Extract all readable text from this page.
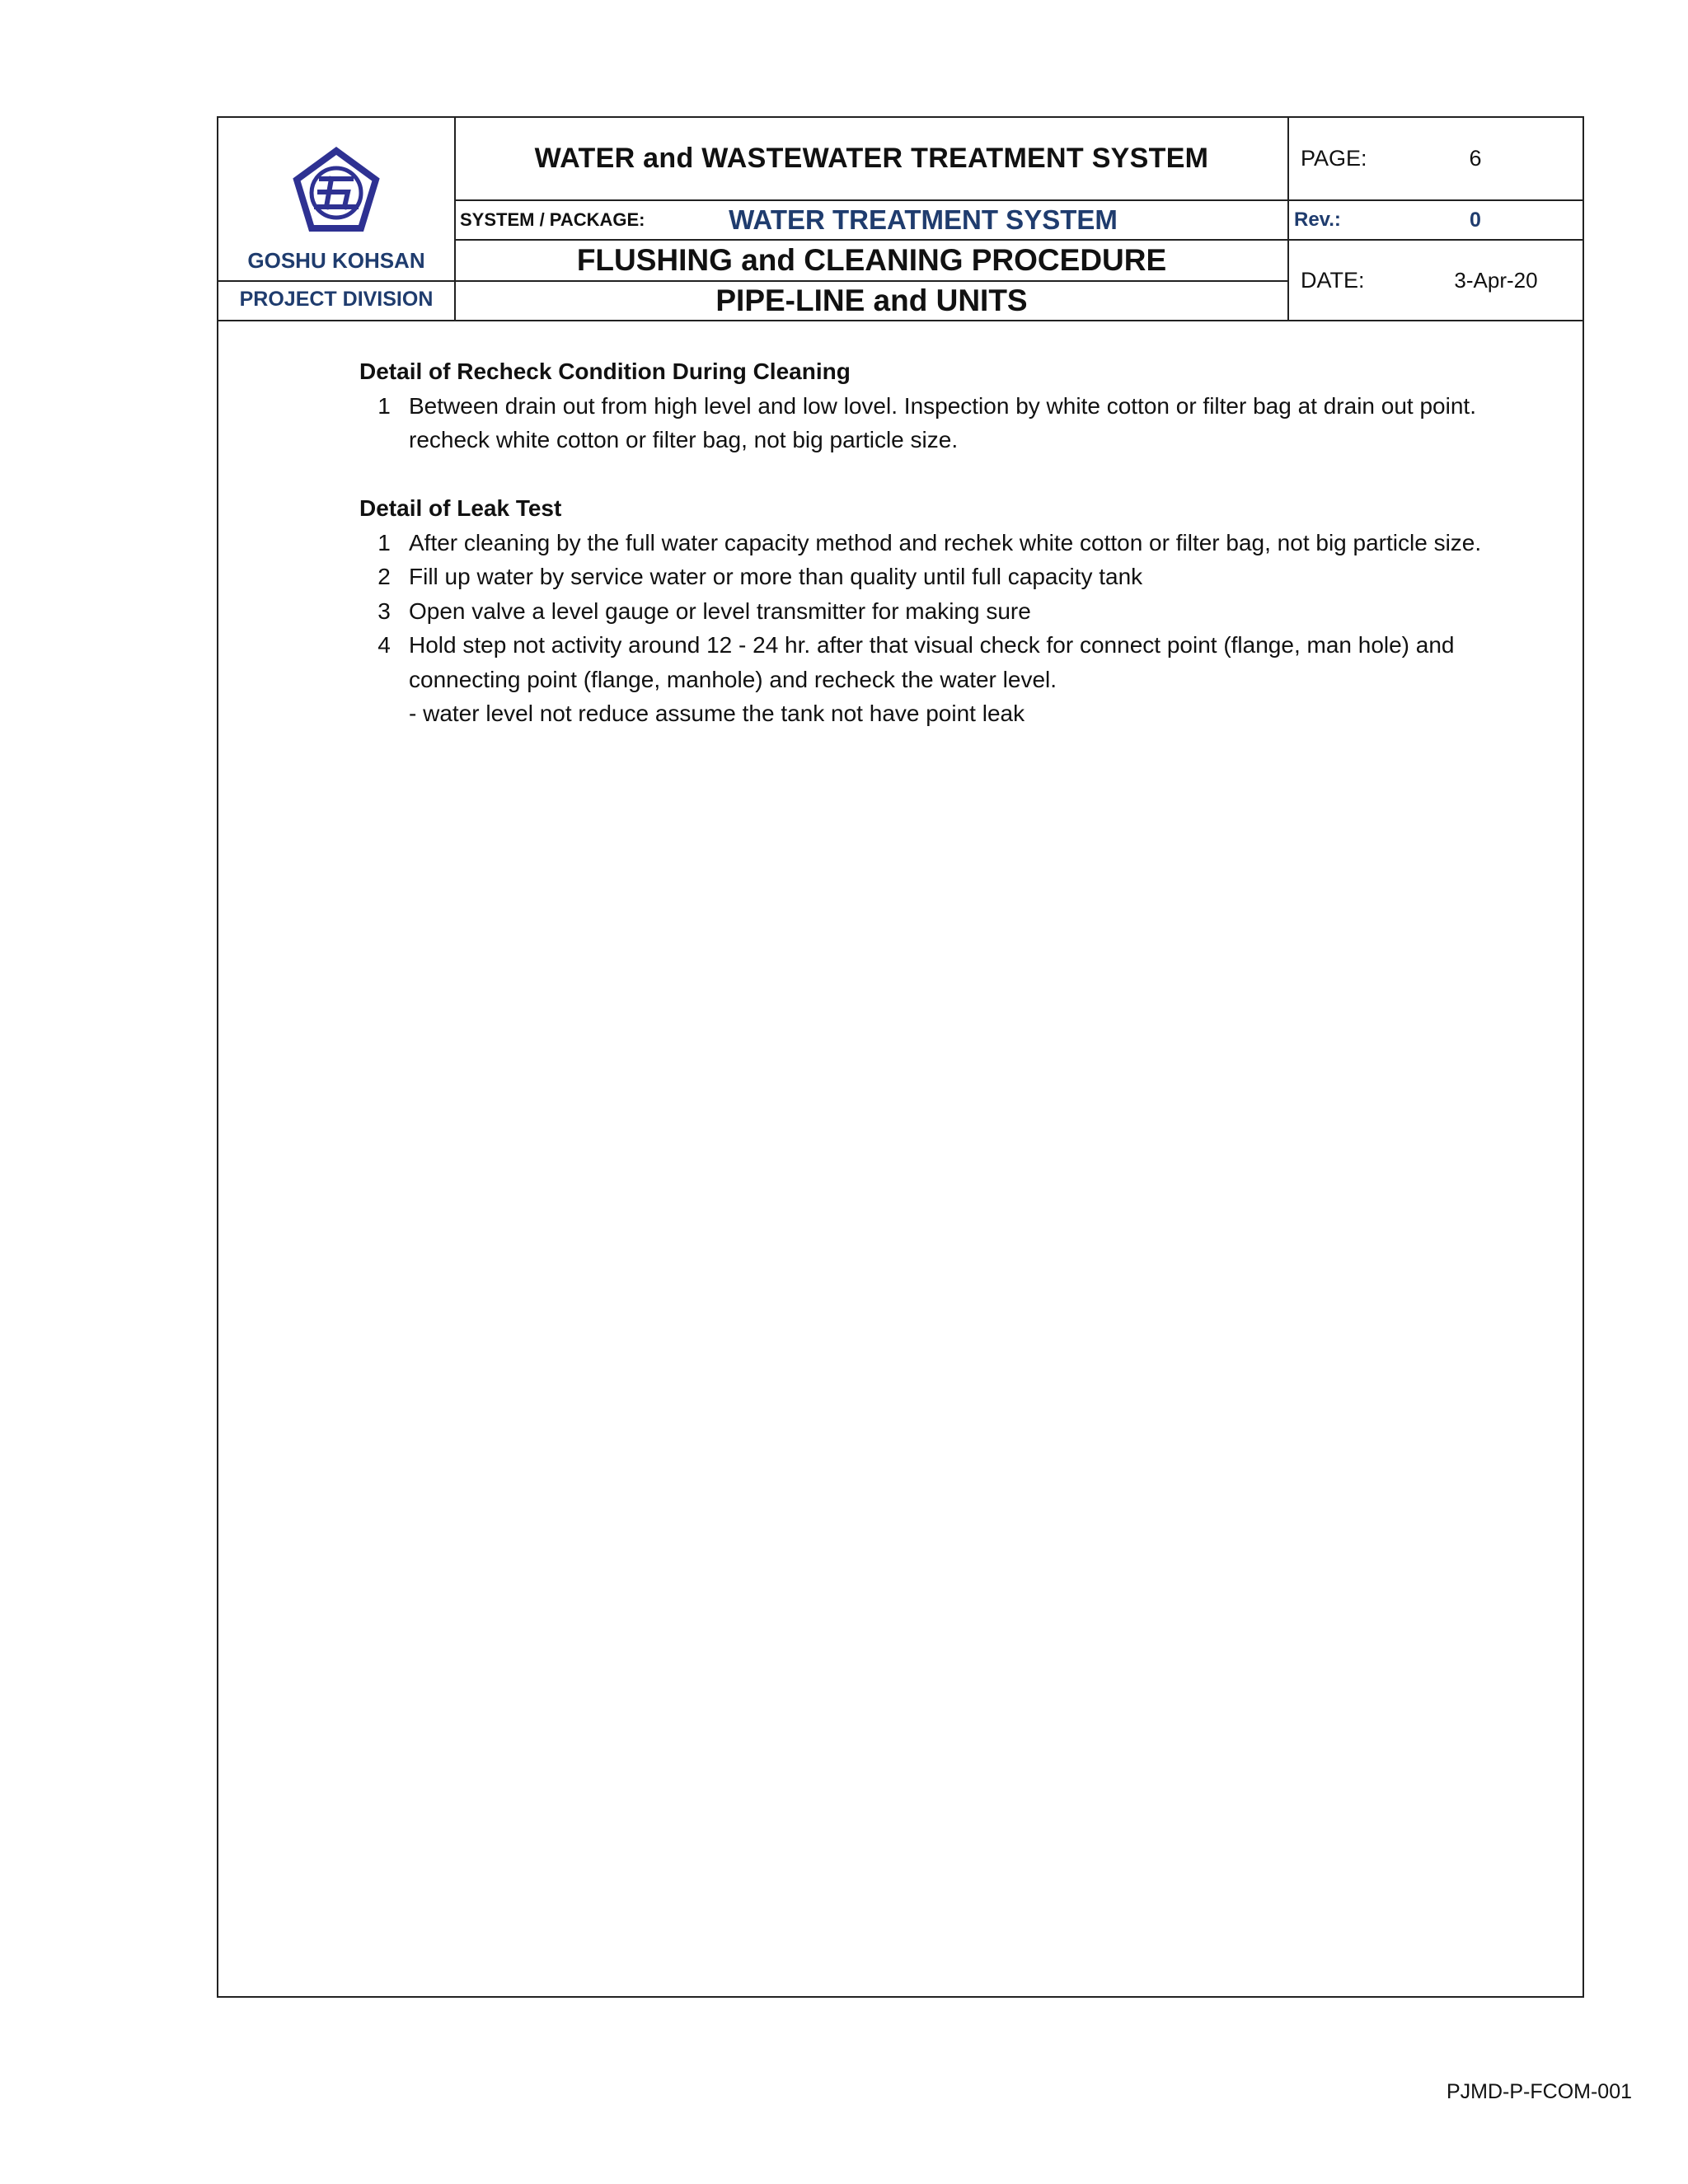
GOSHU KOHSAN
PROJECT DIVISION
WATER and WASTEWATER TREATMENT SYSTEM
SYSTEM / PACKAGE:	WATER TREATMENT SYSTEM
FLUSHING and CLEANING PROCEDURE
PIPE-LINE and UNITS
PAGE:	6
Rev.:	0
DATE:	3-Apr-20
Detail of Recheck Condition During Cleaning
1 Between drain out from high level and low lovel. Inspection by white cotton or filter bag at drain out point.
recheck white cotton or filter bag, not big particle size.
Detail of Leak Test
1 After cleaning by the full water capacity method and rechek white cotton or filter bag, not big particle size.
2 Fill up water by service water or more than quality until full capacity tank
3 Open valve a level gauge or level transmitter for making sure
4 Hold step not activity around 12 - 24 hr. after that visual check for connect point (flange, man hole) and
connecting point (flange, manhole) and recheck the water level.
- water level not reduce assume the tank not have point leak
PJMD-P-FCOM-001
